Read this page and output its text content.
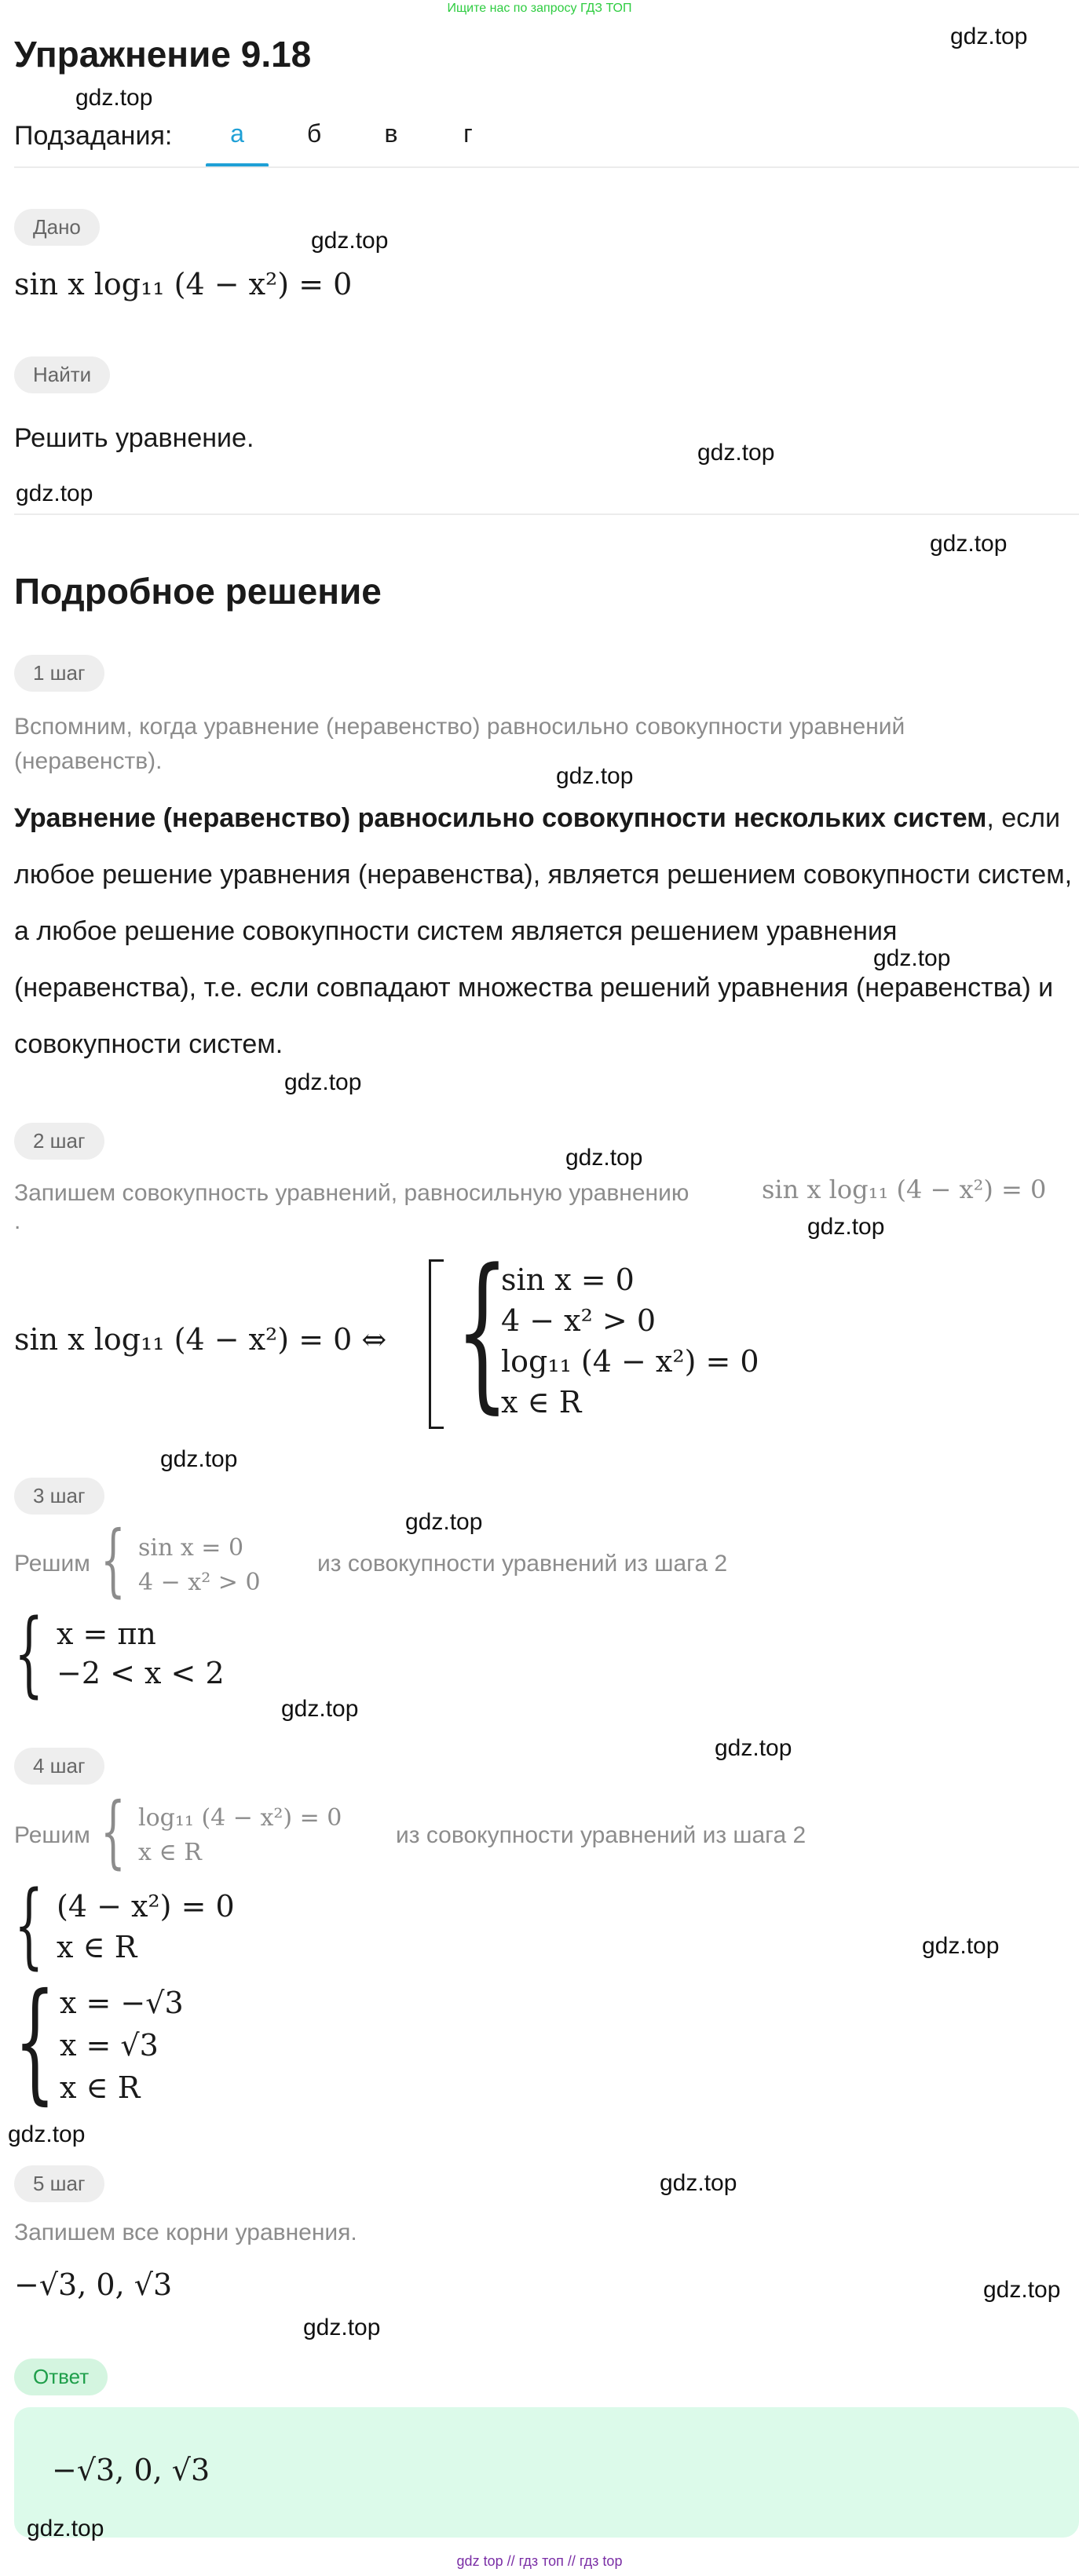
Ищите нас по запросу ГДЗ ТОП
Упражнение 9.18	gdz.top
gdz.top
Подзадания:	а	б	в	г
Дано
gdz.top
sin x log₁₁ (4 − x²) = 0
Найти
Решить уравнение.	gdz.top
gdz.top
gdz.top
Подробное решение
1 шаг
Вспомним, когда уравнение (неравенство) равносильно совокупности уравнений (неравенств).
gdz.top
Уравнение (неравенство) равносильно совокупности нескольких систем, если любое решение уравнения (неравенства), является решением совокупности систем, а любое решение совокупности систем является решением уравнения (неравенства), т.е. если совпадают множества решений уравнения (неравенства) и совокупности систем.
gdz.top
gdz.top
2 шаг
gdz.top
Запишем совокупность уравнений, равносильную уравнению	sin x log₁₁ (4 − x²) = 0
.	gdz.top
sin x log₁₁ (4 − x²) = 0 ⇔ {
sin x = 0
4 − x² > 0
log₁₁ (4 − x²) = 0
x ∈ R
gdz.top
3 шаг
gdz.top
Решим { sin x = 0
4 − x² > 0
из совокупности уравнений из шага 2
{ x = πn
−2 < x < 2
gdz.top
4 шаг
gdz.top
Решим { log₁₁ (4 − x²) = 0
x ∈ R
из совокупности уравнений из шага 2
{ (4 − x²) = 0
x ∈ R	gdz.top
{ x = −√3
x = √3
x ∈ R
gdz.top
5 шаг	gdz.top
Запишем все корни уравнения.
−√3, 0, √3	gdz.top
gdz.top
Ответ
−√3, 0, √3
gdz.top
gdz top // гдз топ // гдз top
